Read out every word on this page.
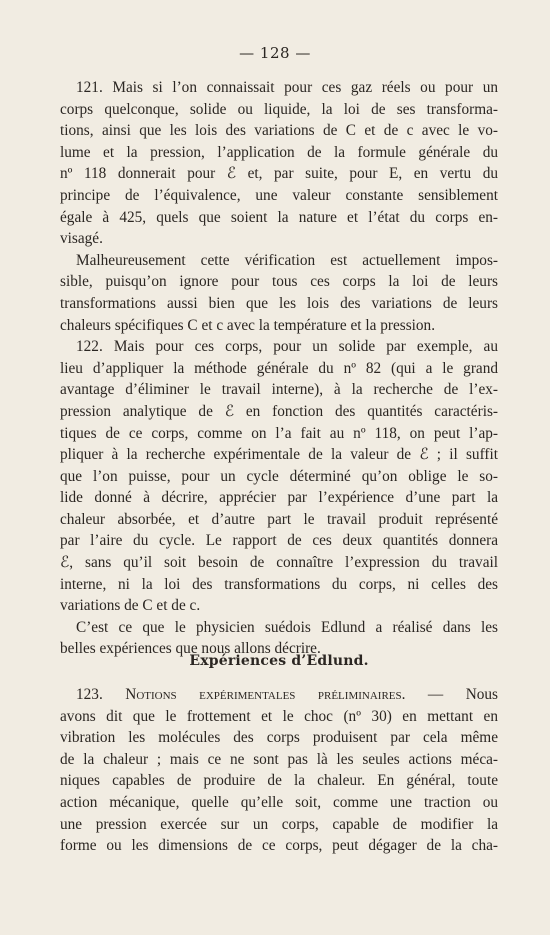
— 128 —
121. Mais si l’on connaissait pour ces gaz réels ou pour un
corps quelconque, solide ou liquide, la loi de ses transforma-
tions, ainsi que les lois des variations de C et de c avec le vo-
lume et la pression, l’application de la formule générale du
nº 118 donnerait pour ℰ et, par suite, pour E, en vertu du
principe de l’équivalence, une valeur constante sensiblement
égale à 425, quels que soient la nature et l’état du corps en-
visagé.
Malheureusement cette vérification est actuellement impos-
sible, puisqu’on ignore pour tous ces corps la loi de leurs
transformations aussi bien que les lois des variations de leurs
chaleurs spécifiques C et c avec la température et la pression.
122. Mais pour ces corps, pour un solide par exemple, au
lieu d’appliquer la méthode générale du nº 82 (qui a le grand
avantage d’éliminer le travail interne), à la recherche de l’ex-
pression analytique de ℰ en fonction des quantités caractéris-
tiques de ce corps, comme on l’a fait au nº 118, on peut l’ap-
pliquer à la recherche expérimentale de la valeur de ℰ ; il suffit
que l’on puisse, pour un cycle déterminé qu’on oblige le so-
lide donné à décrire, apprécier par l’expérience d’une part la
chaleur absorbée, et d’autre part le travail produit représenté
par l’aire du cycle. Le rapport de ces deux quantités donnera
ℰ, sans qu’il soit besoin de connaître l’expression du travail
interne, ni la loi des transformations du corps, ni celles des
variations de C et de c.
C’est ce que le physicien suédois Edlund a réalisé dans les
belles expériences que nous allons décrire.
Expériences d’Edlund.
123. Notions expérimentales préliminaires. — Nous
avons dit que le frottement et le choc (nº 30) en mettant en
vibration les molécules des corps produisent par cela même
de la chaleur ; mais ce ne sont pas là les seules actions méca-
niques capables de produire de la chaleur. En général, toute
action mécanique, quelle qu’elle soit, comme une traction ou
une pression exercée sur un corps, capable de modifier la
forme ou les dimensions de ce corps, peut dégager de la cha-
